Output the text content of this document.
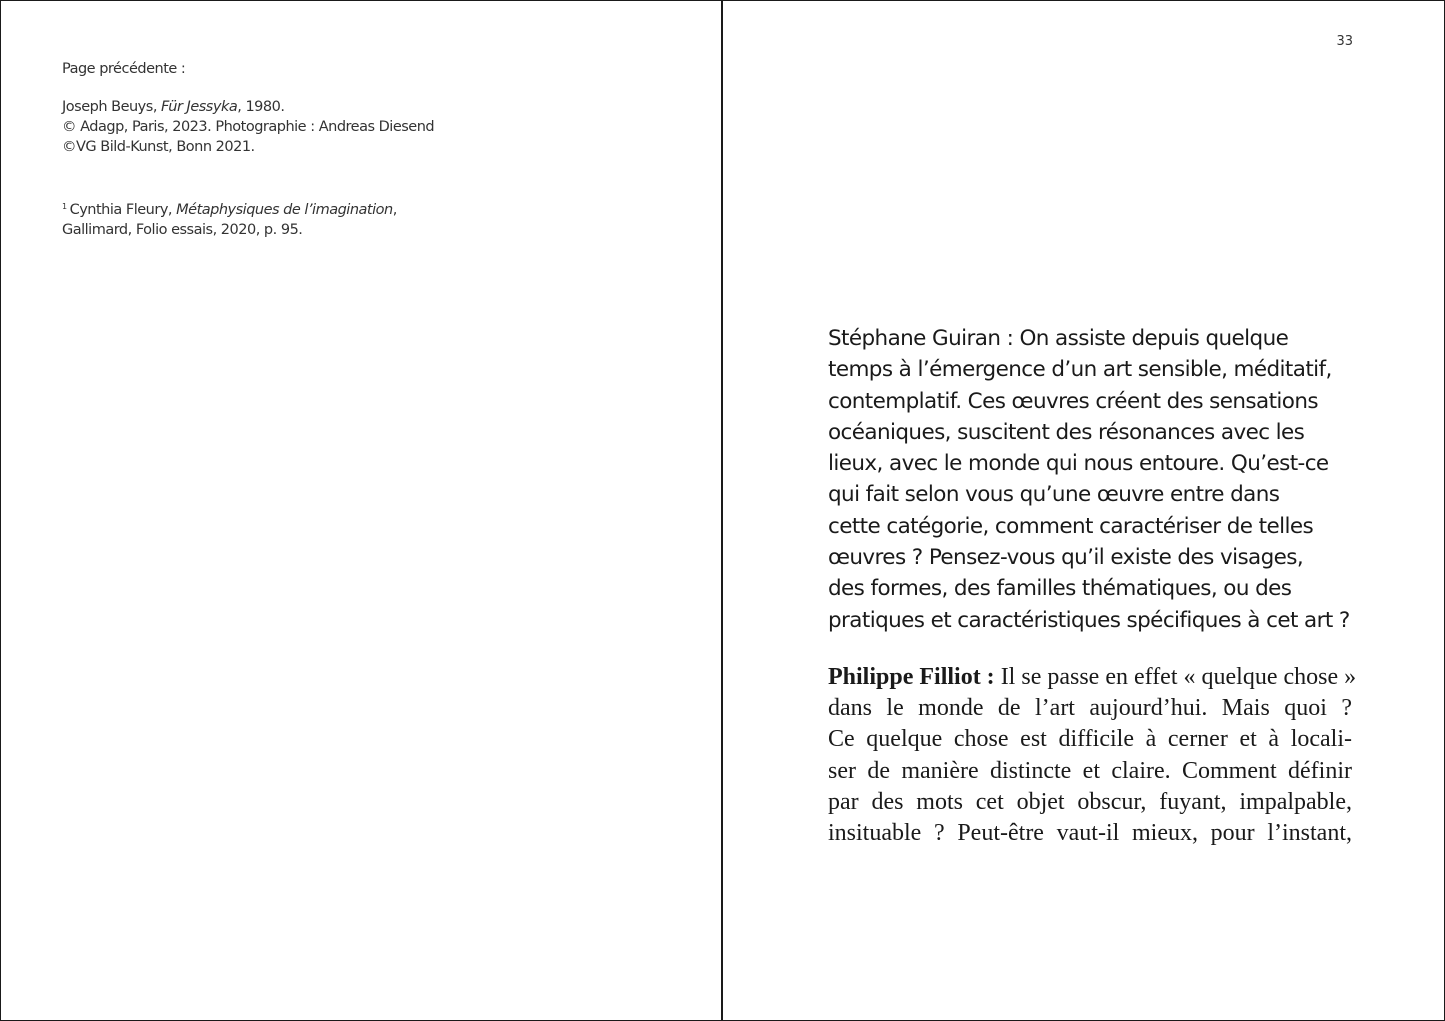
Page précédente :

Joseph Beuys, Für Jessyka, 1980.

© Adagp, Paris, 2023. Photographie : Andreas Diesend

©VG Bild-Kunst, Bonn 2021.

$^1$ Cynthia Fleury, Métaphysiques de l’imagination,

Gallimard, Folio essais, 2020, p. 95.

33

Stéphane Guiran : On assiste depuis quelque
temps à l’émergence d’un art sensible, méditatif,
contemplatif. Ces œuvres créent des sensations
océaniques, suscitent des résonances avec les
lieux, avec le monde qui nous entoure. Qu’est-ce
qui fait selon vous qu’une œuvre entre dans
cette catégorie, comment caractériser de telles
œuvres ? Pensez-vous qu’il existe des visages,
des formes, des familles thématiques, ou des
pratiques et caractéristiques spécifiques à cet art ?

Philippe Filliot : Il se passe en effet « quelque chose »
dans le monde de l’art aujourd’hui. Mais quoi ?
Ce quelque chose est difficile à cerner et à locali-
ser de manière distincte et claire. Comment définir
par des mots cet objet obscur, fuyant, impalpable,
insituable ? Peut-être vaut-il mieux, pour l’instant,
